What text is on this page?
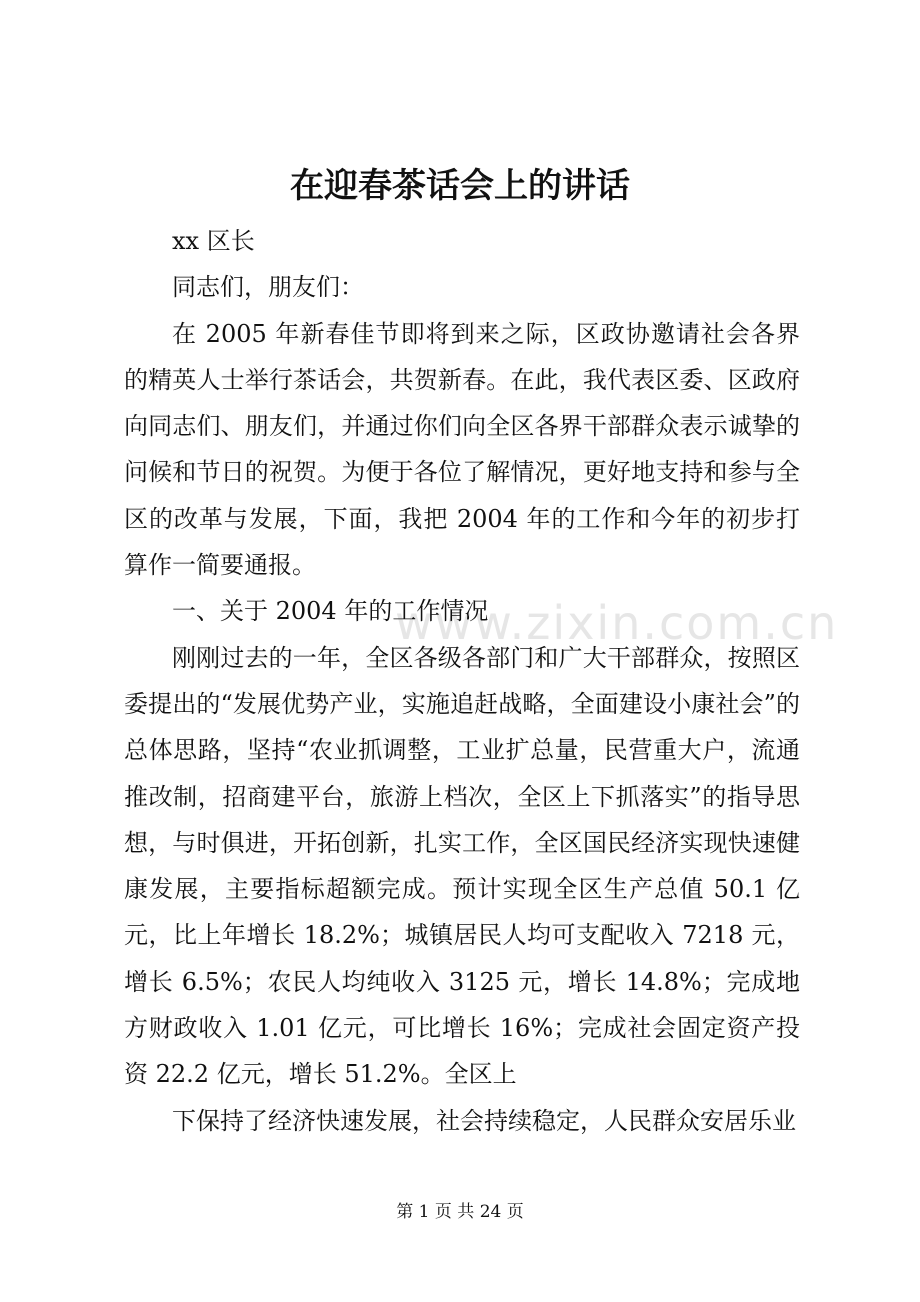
www.zixin.com.cn
在迎春茶话会上的讲话

xx 区长

同志们，朋友们：

在 2005 年新春佳节即将到来之际，区政协邀请社会各界的精英人士举行茶话会，共贺新春。在此，我代表区委、区政府向同志们、朋友们，并通过你们向全区各界干部群众表示诚挚的问候和节日的祝贺。为便于各位了解情况，更好地支持和参与全区的改革与发展，下面，我把 2004 年的工作和今年的初步打算作一简要通报。

一、关于 2004 年的工作情况

刚刚过去的一年，全区各级各部门和广大干部群众，按照区委提出的“发展优势产业，实施追赶战略，全面建设小康社会”的总体思路，坚持“农业抓调整，工业扩总量，民营重大户，流通推改制，招商建平台，旅游上档次，全区上下抓落实”的指导思想，与时俱进，开拓创新，扎实工作，全区国民经济实现快速健康发展，主要指标超额完成。预计实现全区生产总值 50.1 亿元，比上年增长 18.2%；城镇居民人均可支配收入 7218 元，增长 6.5%；农民人均纯收入 3125 元，增长 14.8%；完成地方财政收入 1.01 亿元，可比增长 16%；完成社会固定资产投资 22.2 亿元，增长 51.2%。全区上

下保持了经济快速发展，社会持续稳定，人民群众安居乐业

第 1 页 共 24 页
